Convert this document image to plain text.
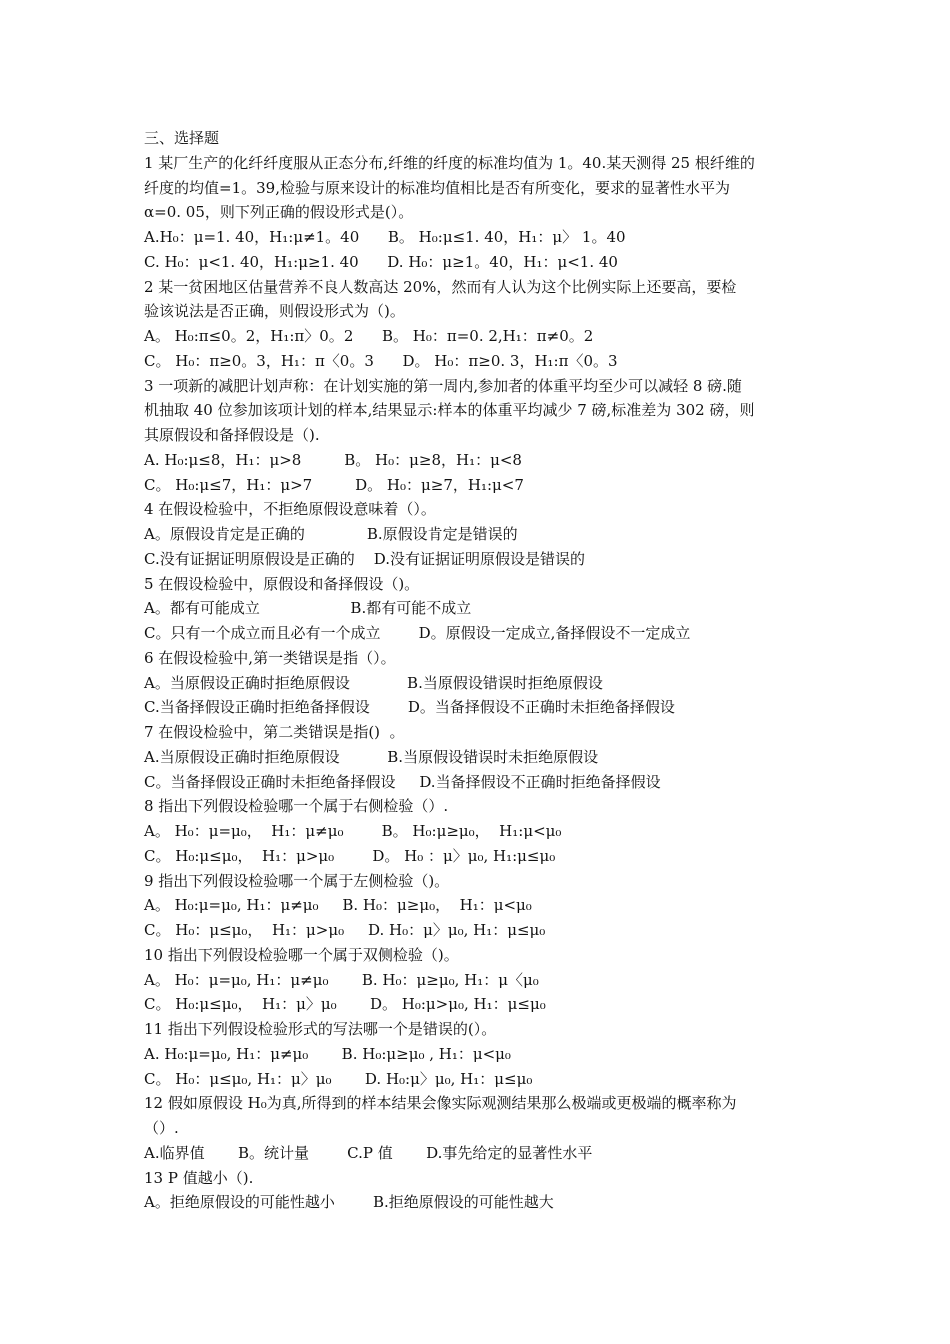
三、选择题
1 某厂生产的化纤纤度服从正态分布,纤维的纤度的标准均值为 1。40.某天测得 25 根纤维的
纤度的均值=1。39,检验与原来设计的标准均值相比是否有所变化，要求的显著性水平为
α=0. 05，则下列正确的假设形式是(）。
A.H₀：μ=1. 40，H₁:μ≠1。40      B。 H₀:μ≤1. 40，H₁：μ〉 1。40
C. H₀：μ<1. 40，H₁:μ≥1. 40      D. H₀：μ≥1。40，H₁：μ<1. 40
2 某一贫困地区估量营养不良人数高达 20%，然而有人认为这个比例实际上还要高，要检
验该说法是否正确，则假设形式为（)。
A。 H₀:π≤0。2，H₁:π〉0。2      B。 H₀：π=0. 2,H₁：π≠0。2
C。 H₀：π≥0。3，H₁：π〈0。3      D。 H₀：π≥0. 3，H₁:π〈0。3
3 一项新的减肥计划声称：在计划实施的第一周内,参加者的体重平均至少可以减轻 8 磅.随
机抽取 40 位参加该项计划的样本,结果显示:样本的体重平均减少 7 磅,标准差为 302 磅，则
其原假设和备择假设是（).
A. H₀:μ≤8，H₁：μ>8         B。 H₀：μ≥8，H₁：μ<8
C。 H₀:μ≤7，H₁：μ>7         D。 H₀：μ≥7，H₁:μ<7
4 在假设检验中，不拒绝原假设意味着（）。
A。原假设肯定是正确的             B.原假设肯定是错误的
C.没有证据证明原假设是正确的    D.没有证据证明原假设是错误的
5 在假设检验中，原假设和备择假设（)。
A。都有可能成立                   B.都有可能不成立
C。只有一个成立而且必有一个成立        D。原假设一定成立,备择假设不一定成立
6 在假设检验中,第一类错误是指（）。
A。当原假设正确时拒绝原假设            B.当原假设错误时拒绝原假设
C.当备择假设正确时拒绝备择假设        D。当备择假设不正确时未拒绝备择假设
7 在假设检验中，第二类错误是指()  。
A.当原假设正确时拒绝原假设          B.当原假设错误时未拒绝原假设
C。当备择假设正确时未拒绝备择假设     D.当备择假设不正确时拒绝备择假设
8 指出下列假设检验哪一个属于右侧检验（）.
A。 H₀：μ=μ₀，  H₁：μ≠μ₀        B。 H₀:μ≥μ₀，  H₁:μ<μ₀
C。 H₀:μ≤μ₀，  H₁：μ>μ₀        D。 H₀ ：μ〉μ₀, H₁:μ≤μ₀
9 指出下列假设检验哪一个属于左侧检验（)。
A。 H₀:μ=μ₀, H₁：μ≠μ₀     B. H₀：μ≥μ₀，  H₁：μ<μ₀
C。 H₀：μ≤μ₀，  H₁：μ>μ₀     D. H₀：μ〉μ₀, H₁：μ≤μ₀
10 指出下列假设检验哪一个属于双侧检验（)。
A。 H₀：μ=μ₀, H₁：μ≠μ₀       B. H₀：μ≥μ₀, H₁：μ〈μ₀
C。 H₀:μ≤μ₀，  H₁：μ〉μ₀       D。 H₀:μ>μ₀, H₁：μ≤μ₀
11 指出下列假设检验形式的写法哪一个是错误的(）。
A. H₀:μ=μ₀, H₁：μ≠μ₀       B. H₀:μ≥μ₀ , H₁：μ<μ₀
C。 H₀：μ≤μ₀, H₁：μ〉μ₀       D. H₀:μ〉μ₀, H₁：μ≤μ₀
12 假如原假设 H₀为真,所得到的样本结果会像实际观测结果那么极端或更极端的概率称为
（）.
A.临界值       B。统计量        C.P 值       D.事先给定的显著性水平
13 P 值越小（).
A。拒绝原假设的可能性越小        B.拒绝原假设的可能性越大
